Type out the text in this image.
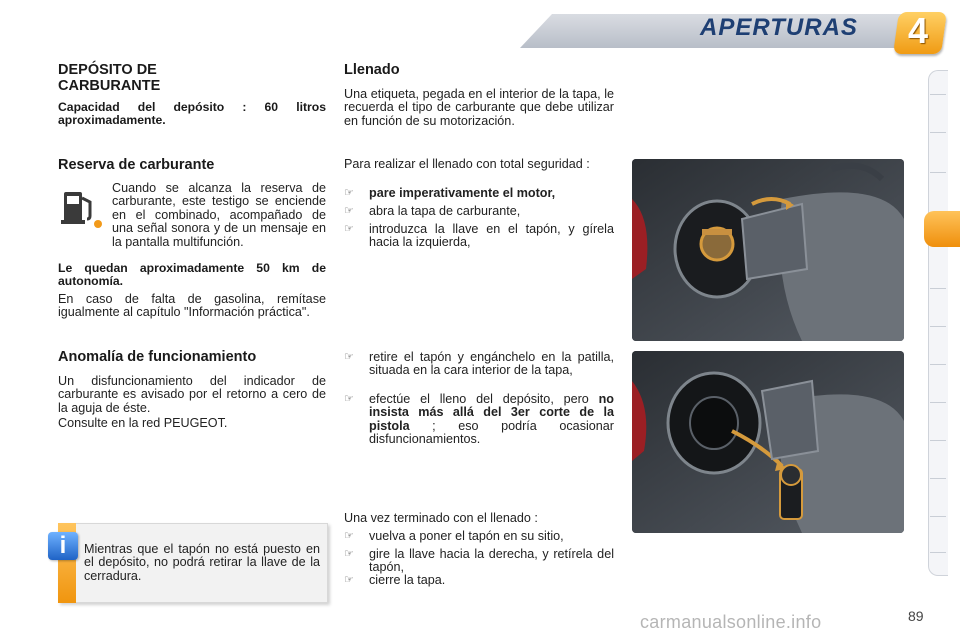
APERTURAS 4
DEPÓSITO DE
CARBURANTE
Capacidad del depósito : 60 litros aproximadamente.
Reserva de carburante
Cuando se alcanza la reserva de carburante, este testigo se enciende en el combinado, acompañado de una señal sonora y de un mensaje en la pantalla multifunción.
Le quedan aproximadamente 50 km de autonomía.
En caso de falta de gasolina, remítase igualmente al capítulo "Información práctica".
Anomalía de funcionamiento
Un disfuncionamiento del indicador de carburante es avisado por el retorno a cero de la aguja de éste.
Consulte en la red PEUGEOT.
i	Mientras que el tapón no está puesto en el depósito, no podrá retirar la llave de la cerradura.
Llenado
Una etiqueta, pegada en el interior de la tapa, le recuerda el tipo de carburante que debe utilizar en función de su motorización.
Para realizar el llenado con total seguridad :
☞	pare imperativamente el motor,
☞	abra la tapa de carburante,
☞	introduzca la llave en el tapón, y gírela hacia la izquierda,
☞	retire el tapón y engánchelo en la patilla, situada en la cara interior de la tapa,
☞	efectúe el lleno del depósito, pero no insista más allá del 3er corte de la pistola ; eso podría ocasionar disfuncionamientos.
Una vez terminado con el llenado :
☞	vuelva a poner el tapón en su sitio,
☞	gire la llave hacia la derecha, y retírela del tapón,
☞	cierre la tapa.
89
carmanualsonline.info
